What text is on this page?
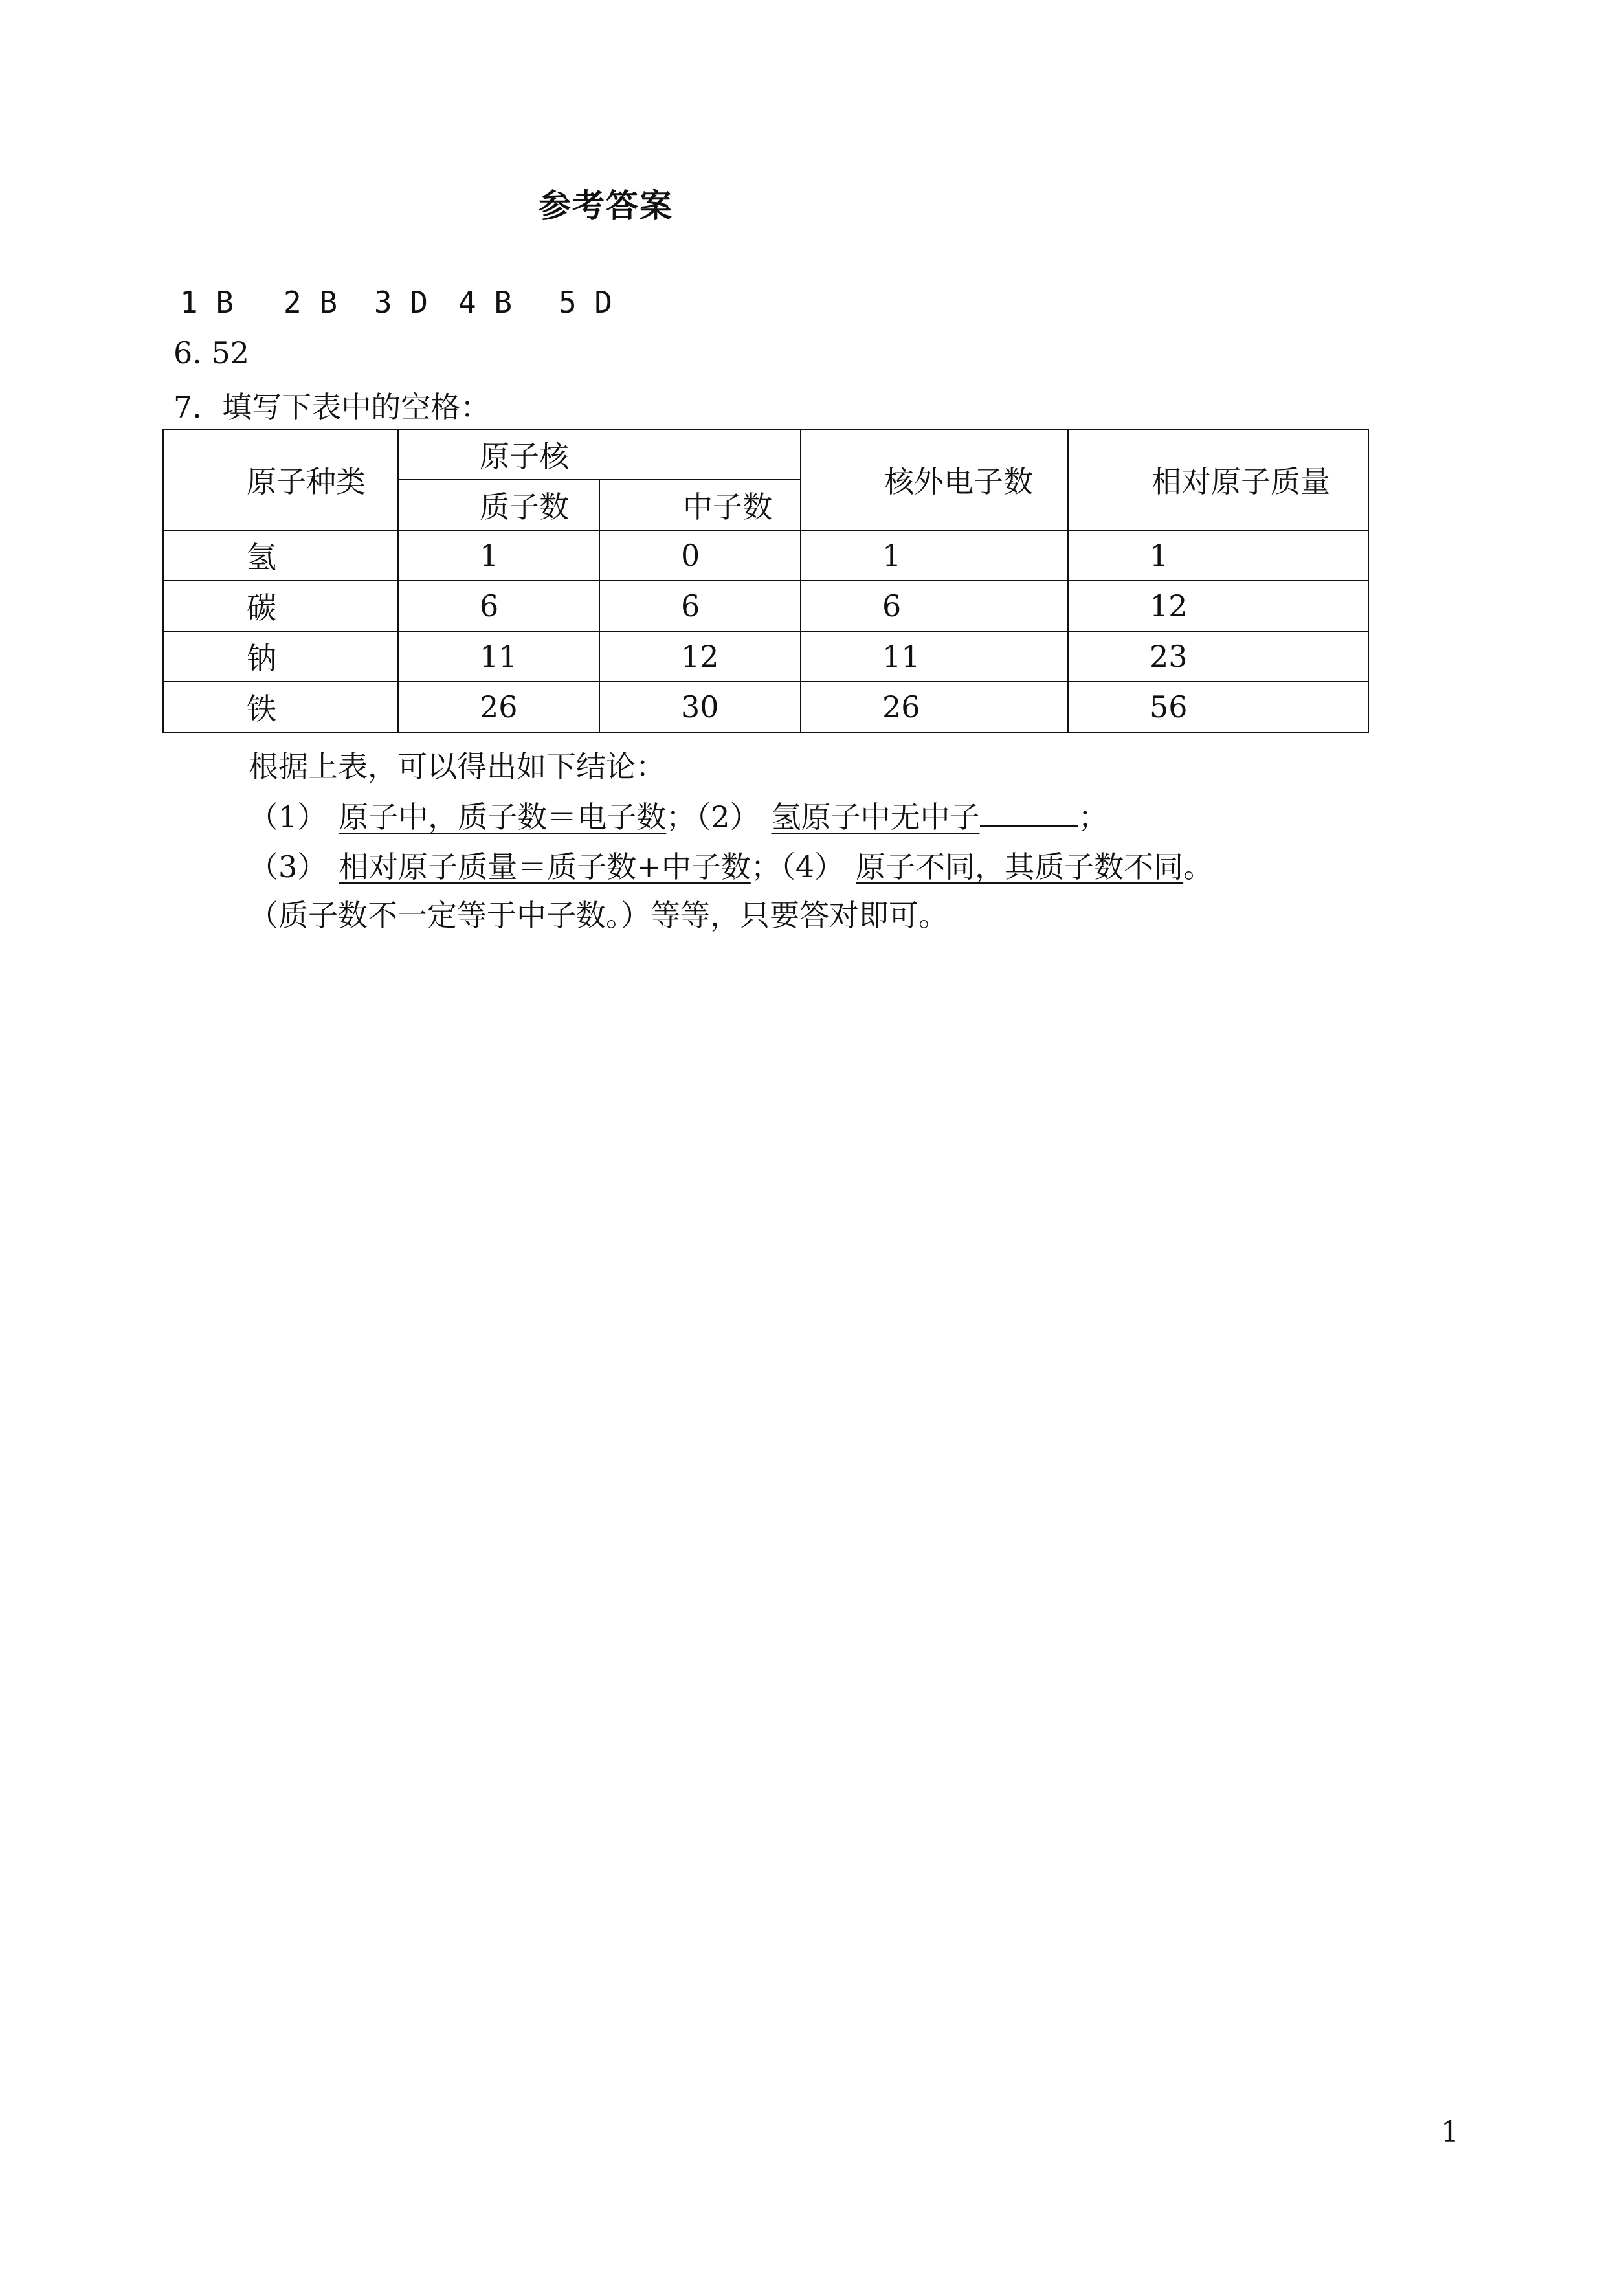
参考答案
1 B 2 B 3 D 4 B 5 D
6. 52
7．填写下表中的空格：
原子种类	原子核		核外电子数	相对原子质量
	质子数	中子数		
氢	1	0	1	1
碳	6	6	6	12
钠	11	12	11	23
铁	26	30	26	56
根据上表，可以得出如下结论：
（1） 原子中，质子数＝电子数；（2） 氢原子中无中子	；
（3） 相对原子质量＝质子数+中子数；（4） 原子不同，其质子数不同。
（质子数不一定等于中子数。）等等，只要答对即可。
1
